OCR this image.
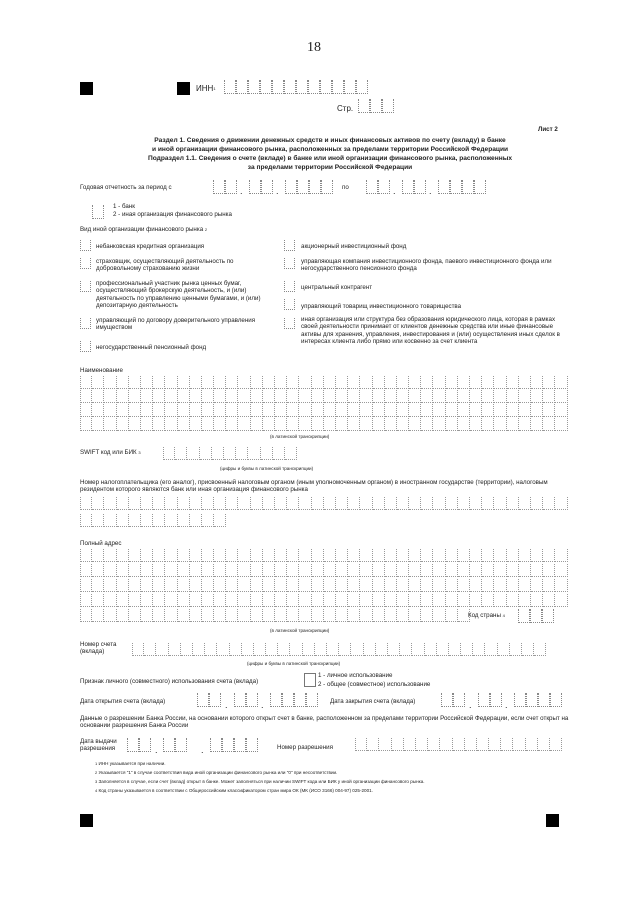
18
ИНН$^1$
Стр.
Лист 2
Раздел 1. Сведения о движении денежных средств и иных финансовых активов по счету (вкладу) в банке
и иной организации финансового рынка, расположенных за пределами территории Российской Федерации
Подраздел 1.1. Сведения о счете (вкладе) в банке или иной организации финансового рынка, расположенных
за пределами территории Российской Федерации
Годовая отчетность за период с	.	.	по	.	.
1 - банк
2 - иная организация финансового рынка
Вид иной организации финансового рынка $^2$
небанковская кредитная организация
страховщик, осуществляющий деятельность по добровольному страхованию жизни
профессиональный участник рынка ценных бумаг, осуществляющий брокерскую деятельность, и (или) деятельность по управлению ценными бумагами, и (или) депозитарную деятельность
управляющий по договору доверительного управления имуществом
негосударственный пенсионный фонд
акционерный инвестиционный фонд
управляющая компания инвестиционного фонда, паевого инвестиционного фонда или негосударственного пенсионного фонда
центральный контрагент
управляющий товарищ инвестиционного товарищества
иная организация или структура без образования юридического лица, которая в рамках своей деятельности принимает от клиентов денежные средства или иные финансовые активы для хранения, управления, инвестирования и (или) осуществления иных сделок в интересах клиента либо прямо или косвенно за счет клиента
Наименование
(в латинской транскрипции)
SWIFT код или БИК $^3$
(цифры и буквы в латинской транскрипции)
Номер налогоплательщика (его аналог), присвоенный налоговым органом (иным уполномоченным органом) в иностранном государстве (территории), налоговым резидентом которого являются банк или иная организация финансового рынка
Полный адрес
Код страны $^4$
(в латинской транскрипции)
Номер счета (вклада)
(цифры и буквы в латинской транскрипции)
Признак личного (совместного) использования счета (вклада)
1 - личное использование
2 - общее (совместное) использование
Дата открытия счета (вклада)	.	.	Дата закрытия счета (вклада)	.	.
Данные о разрешении Банка России, на основании которого открыт счет в банке, расположенном за пределами территории Российской Федерации, если счет открыт на основании разрешения Банка России
Дата выдачи разрешения	.	.	Номер разрешения
1 ИНН указывается при наличии.
2 Указывается "1" в случае соответствия вида иной организации финансового рынка или "0" при несоответствии.
3 Заполняется в случае, если счет (вклад) открыт в банке. Может заполняться при наличии SWIFT кода или БИК у иной организации финансового рынка.
4 Код страны указывается в соответствии с Общероссийским классификатором стран мира ОК (МК (ИСО 3166) 004-97) 025-2001.
